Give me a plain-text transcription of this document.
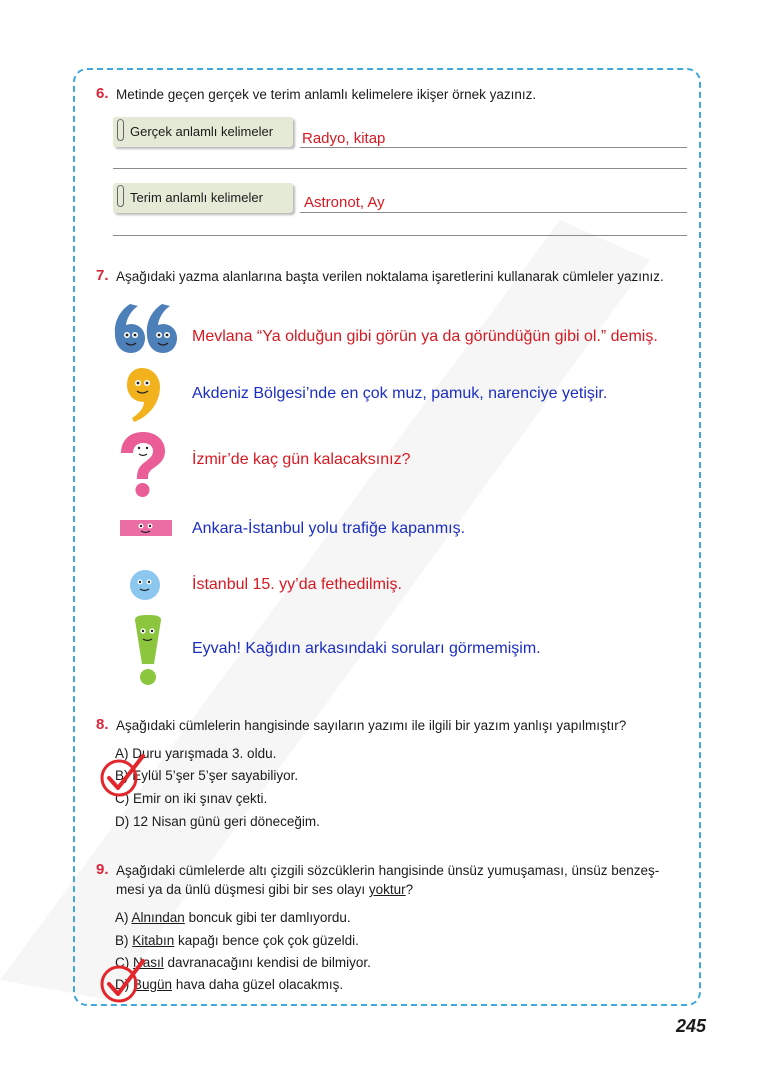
6. Metinde geçen gerçek ve terim anlamlı kelimelere ikişer örnek yazınız.
Gerçek anlamlı kelimeler	Radyo, kitap
Terim anlamlı kelimeler	Astronot, Ay
7. Aşağıdaki yazma alanlarına başta verilen noktalama işaretlerini kullanarak cümleler yazınız.
Mevlana “Ya olduğun gibi görün ya da göründüğün gibi ol.” demiş.
Akdeniz Bölgesi’nde en çok muz, pamuk, narenciye yetişir.
İzmir’de kaç gün kalacaksınız?
Ankara-İstanbul yolu trafiğe kapanmış.
İstanbul 15. yy’da fethedilmiş.
Eyvah! Kağıdın arkasındaki soruları görmemişim.
8. Aşağıdaki cümlelerin hangisinde sayıların yazımı ile ilgili bir yazım yanlışı yapılmıştır?
A) Duru yarışmada 3. oldu.
B) Eylül 5’şer 5’şer sayabiliyor.
C) Emir on iki şınav çekti.
D) 12 Nisan günü geri döneceğim.
9. Aşağıdaki cümlelerde altı çizgili sözcüklerin hangisinde ünsüz yumuşaması, ünsüz benzeş-
mesi ya da ünlü düşmesi gibi bir ses olayı yoktur?
A) Alnından boncuk gibi ter damlıyordu.
B) Kitabın kapağı bence çok çok güzeldi.
C) Nasıl davranacağını kendisi de bilmiyor.
D) Bugün hava daha güzel olacakmış.
245
